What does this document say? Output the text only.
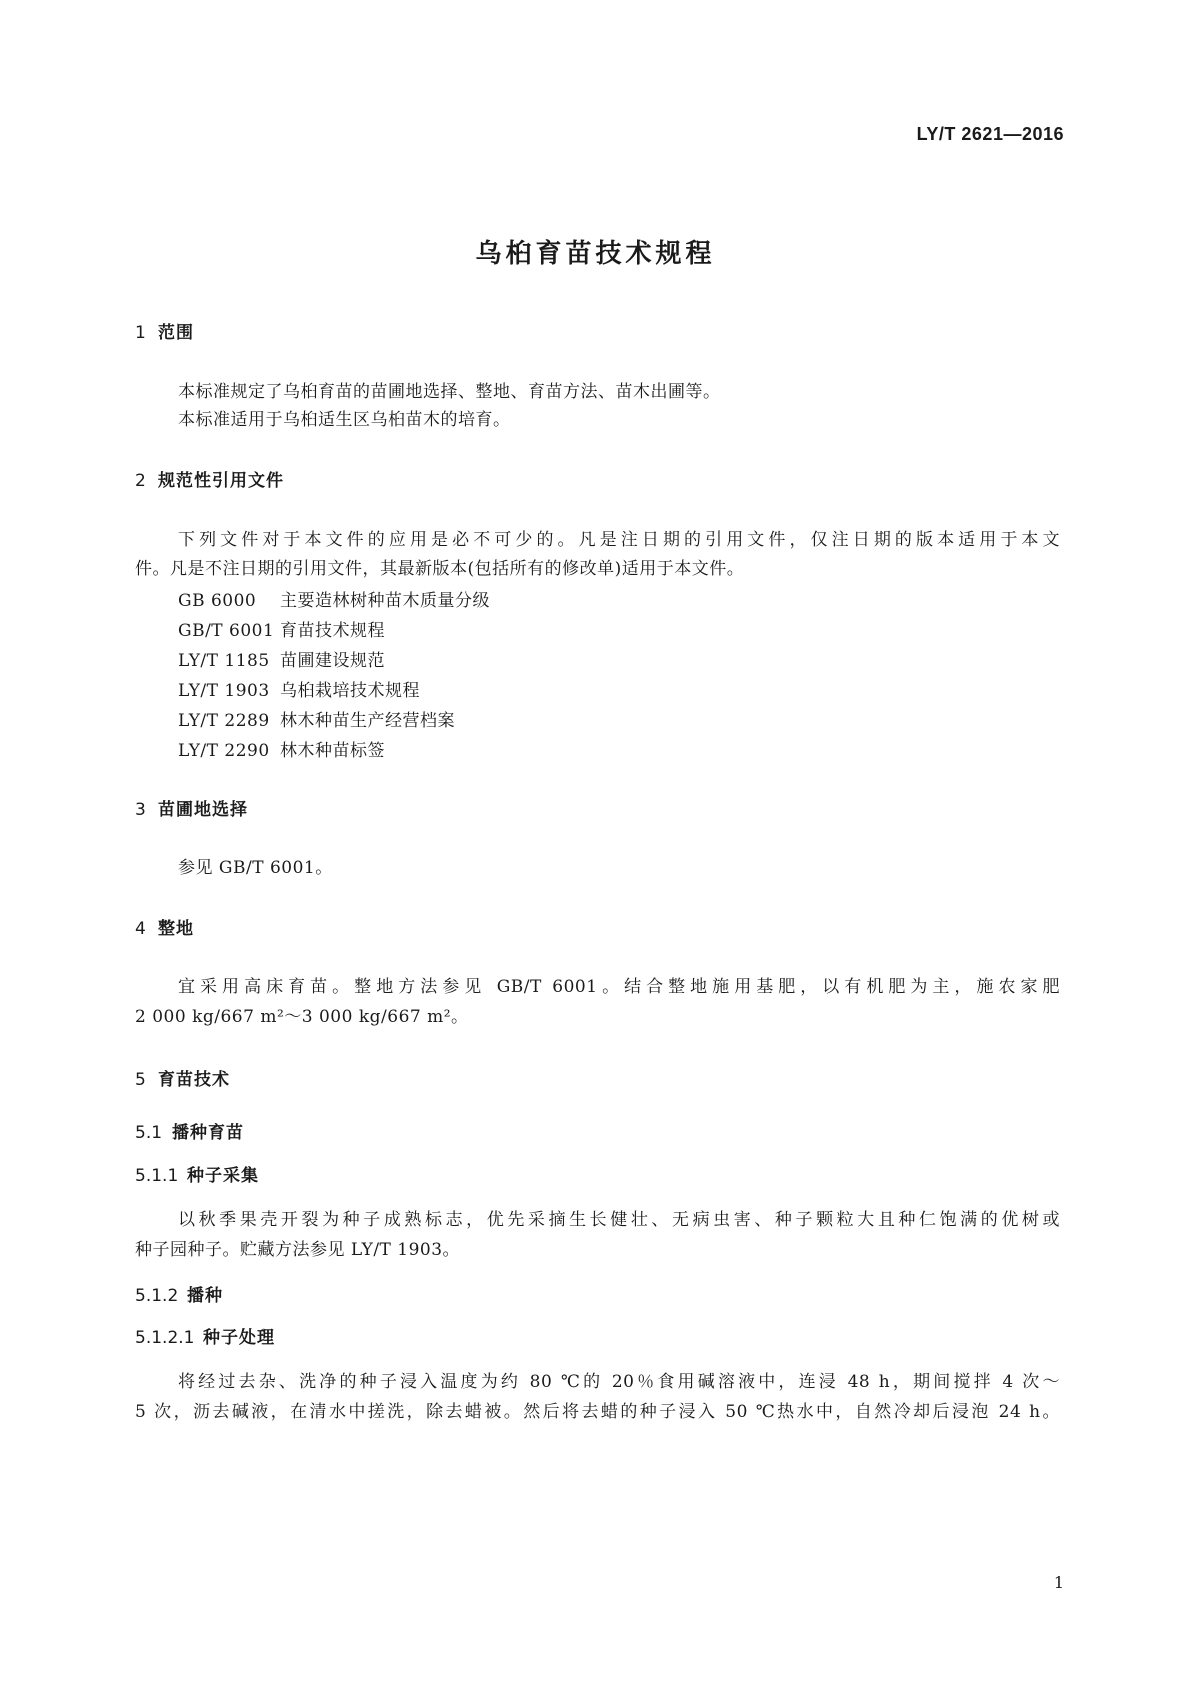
LY/T 2621—2016
乌桕育苗技术规程
1 范围

本标准规定了乌桕育苗的苗圃地选择、整地、育苗方法、苗木出圃等。

本标准适用于乌桕适生区乌桕苗木的培育。

2 规范性引用文件

下列文件对于本文件的应用是必不可少的。凡是注日期的引用文件，仅注日期的版本适用于本文

件。凡是不注日期的引用文件，其最新版本(包括所有的修改单)适用于本文件。

GB 6000 主要造林树种苗木质量分级
GB/T 6001 育苗技术规程
LY/T 1185 苗圃建设规范
LY/T 1903 乌桕栽培技术规程
LY/T 2289 林木种苗生产经营档案
LY/T 2290 林木种苗标签
3 苗圃地选择

参见 GB/T 6001。

4 整地

宜采用高床育苗。整地方法参见 GB/T 6001。结合整地施用基肥，以有机肥为主，施农家肥

2 000 kg/667 m²～3 000 kg/667 m²。

5 育苗技术
5.1 播种育苗
5.1.1 种子采集

以秋季果壳开裂为种子成熟标志，优先采摘生长健壮、无病虫害、种子颗粒大且种仁饱满的优树或

种子园种子。贮藏方法参见 LY/T 1903。

5.1.2 播种
5.1.2.1 种子处理

将经过去杂、洗净的种子浸入温度为约 80 ℃的 20％食用碱溶液中，连浸 48 h，期间搅拌 4 次～

5 次，沥去碱液，在清水中搓洗，除去蜡被。然后将去蜡的种子浸入 50 ℃热水中，自然冷却后浸泡 24 h。

1
